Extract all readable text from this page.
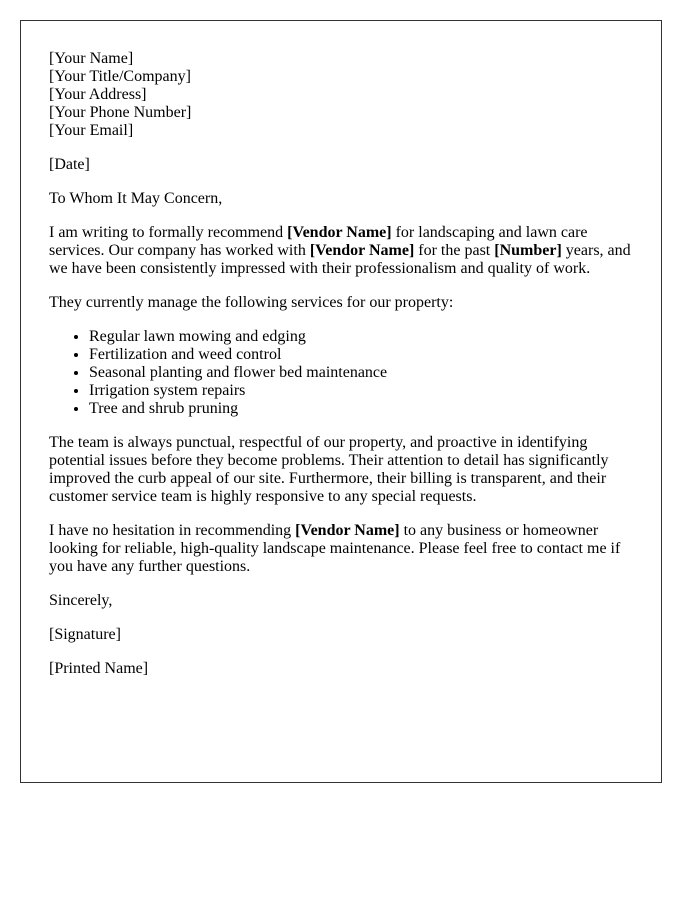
[Your Name]
[Your Title/Company]
[Your Address]
[Your Phone Number]
[Your Email]

[Date]

To Whom It May Concern,

I am writing to formally recommend [Vendor Name] for landscaping and lawn care services. Our company has worked with [Vendor Name] for the past [Number] years, and we have been consistently impressed with their professionalism and quality of work.

They currently manage the following services for our property:

• Regular lawn mowing and edging
• Fertilization and weed control
• Seasonal planting and flower bed maintenance
• Irrigation system repairs
• Tree and shrub pruning

The team is always punctual, respectful of our property, and proactive in identifying potential issues before they become problems. Their attention to detail has significantly improved the curb appeal of our site. Furthermore, their billing is transparent, and their customer service team is highly responsive to any special requests.

I have no hesitation in recommending [Vendor Name] to any business or homeowner looking for reliable, high-quality landscape maintenance. Please feel free to contact me if you have any further questions.

Sincerely,

[Signature]

[Printed Name]
